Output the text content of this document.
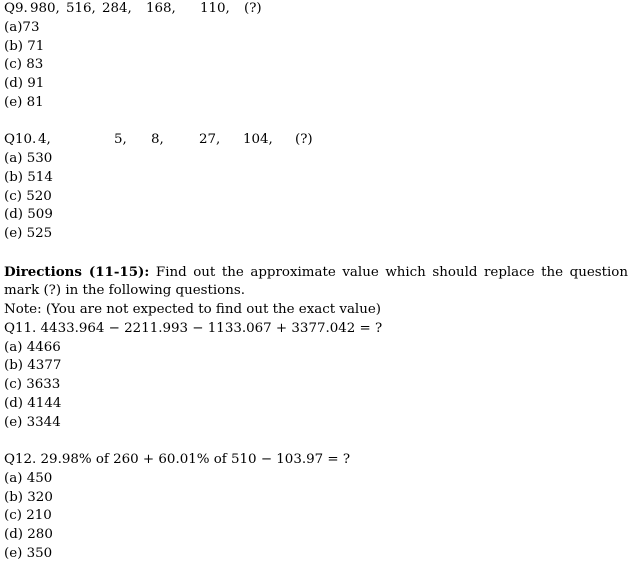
Q9. 980, 516, 284,	168,	110,	(?)
(a)73
(b) 71
(c) 83
(d) 91
(e) 81
Q10. 4,	5,	8,	27,	104,	(?)
(a) 530
(b) 514
(c) 520
(d) 509
(e) 525
Directions (11-15): Find out the approximate value which should replace the question mark (?) in the following questions.
Note: (You are not expected to find out the exact value)
Q11. 4433.964 − 2211.993 − 1133.067 + 3377.042 = ?
(a) 4466
(b) 4377
(c) 3633
(d) 4144
(e) 3344
Q12. 29.98% of 260 + 60.01% of 510 − 103.97 = ?
(a) 450
(b) 320
(c) 210
(d) 280
(e) 350
